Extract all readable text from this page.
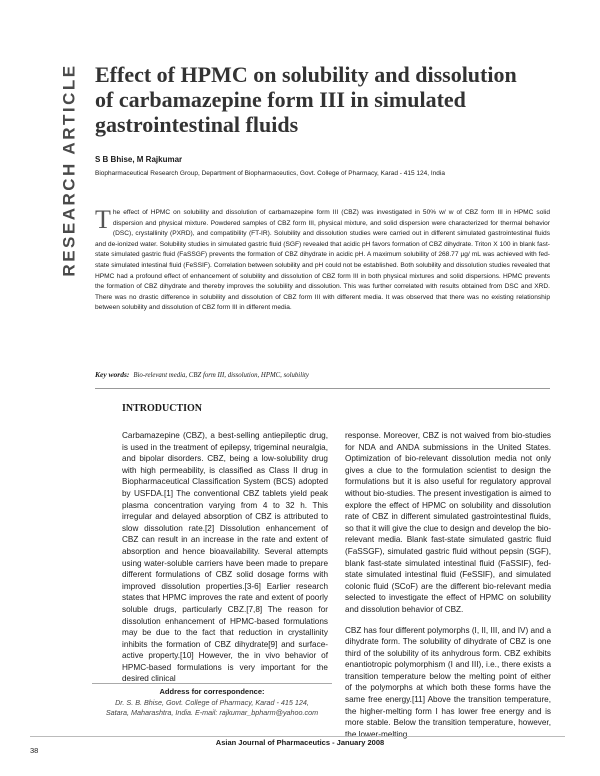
RESEARCH ARTICLE Effect of HPMC on solubility and dissolution of carbamazepine form III in simulated gastrointestinal fluids

S B Bhise, M Rajkumar

Biopharmaceutical Research Group, Department of Biopharmaceutics, Govt. College of Pharmacy, Karad - 415 124, India

The effect of HPMC on solubility and dissolution of carbamazepine form III (CBZ) was investigated in 50% w/ w of CBZ form III in HPMC solid dispersion and physical mixture. Powdered samples of CBZ form III, physical mixture, and solid dispersion were characterized for thermal behavior (DSC), crystallinity (PXRD), and compatibility (FT-IR). Solubility and dissolution studies were carried out in different simulated gastrointestinal fluids and de-ionized water. Solubility studies in simulated gastric fluid (SGF) revealed that acidic pH favors formation of CBZ dihydrate. Triton X 100 in blank fast-state simulated gastric fluid (FaSSGF) prevents the formation of CBZ dihydrate in acidic pH. A maximum solubility of 268.77 µg/ mL was achieved with fed-state simulated intestinal fluid (FeSSIF). Correlation between solubility and pH could not be established. Both solubility and dissolution studies revealed that HPMC had a profound effect of enhancement of solubility and dissolution of CBZ form III in both physical mixtures and solid dispersions. HPMC prevents the formation of CBZ dihydrate and thereby improves the solubility and dissolution. This was further correlated with results obtained from DSC and XRD. There was no drastic difference in solubility and dissolution of CBZ form III with different media. It was observed that there was no existing relationship between solubility and dissolution of CBZ form III in different media.

Key words: Bio-relevant media, CBZ form III, dissolution, HPMC, solubility

INTRODUCTION

Carbamazepine (CBZ), a best-selling antiepileptic drug, is used in the treatment of epilepsy, trigeminal neuralgia, and bipolar disorders. CBZ, being a low-solubility drug with high permeability, is classified as Class II drug in Biopharmaceutical Classification System (BCS) adopted by USFDA.[1] The conventional CBZ tablets yield peak plasma concentration varying from 4 to 32 h. This irregular and delayed absorption of CBZ is attributed to slow dissolution rate.[2] Dissolution enhancement of CBZ can result in an increase in the rate and extent of absorption and hence bioavailability. Several attempts using water-soluble carriers have been made to prepare different formulations of CBZ solid dosage forms with improved dissolution properties.[3-6] Earlier research states that HPMC improves the rate and extent of poorly soluble drugs, particularly CBZ.[7,8] The reason for dissolution enhancement of HPMC-based formulations may be due to the fact that reduction in crystallinity inhibits the formation of CBZ dihydrate[9] and surface-active property.[10] However, the in vivo behavior of HPMC-based formulations is very important for the desired clinical

response. Moreover, CBZ is not waived from bio-studies for NDA and ANDA submissions in the United States. Optimization of bio-relevant dissolution media not only gives a clue to the formulation scientist to design the formulations but it is also useful for regulatory approval without bio-studies. The present investigation is aimed to explore the effect of HPMC on solubility and dissolution rate of CBZ in different simulated gastrointestinal fluids, so that it will give the clue to design and develop the bio-relevant media. Blank fast-state simulated gastric fluid (FaSSGF), simulated gastric fluid without pepsin (SGF), blank fast-state simulated intestinal fluid (FaSSIF), fed-state simulated intestinal fluid (FeSSIF), and simulated colonic fluid (SCoF) are the different bio-relevant media selected to investigate the effect of HPMC on solubility and dissolution behavior of CBZ.

CBZ has four different polymorphs (I, II, III, and IV) and a dihydrate form. The solubility of dihydrate of CBZ is one third of the solubility of its anhydrous form. CBZ exhibits enantiotropic polymorphism (I and III), i.e., there exists a transition temperature below the melting point of either of the polymorphs at which both these forms have the same free energy.[11] Above the transition temperature, the higher-melting form I has lower free energy and is more stable. Below the transition temperature, however, the lower-melting

Address for correspondence:
Dr. S. B. Bhise, Govt. College of Pharmacy, Karad - 415 124,
Satara, Maharashtra, India. E-mail: rajkumar_bpharm@yahoo.com

38

Asian Journal of Pharmaceutics - January 2008
